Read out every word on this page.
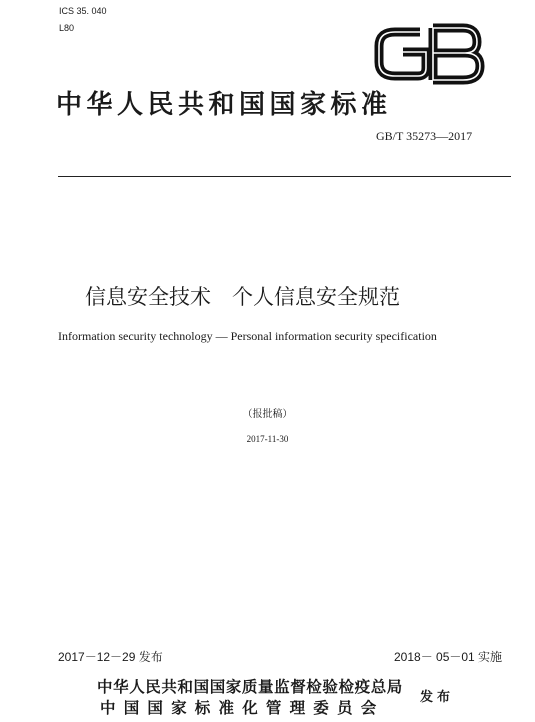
ICS 35. 040
L80
GB
中华人民共和国国家标准
GB/T 35273—2017
信息安全技术　个人信息安全规范
Information security technology — Personal information security specification
（报批稿）
2017-11-30
2017－12－29 发布	2018－ 05－01 实施
中华人民共和国国家质量监督检验检疫总局
中国国家标准化管理委员会
发布
